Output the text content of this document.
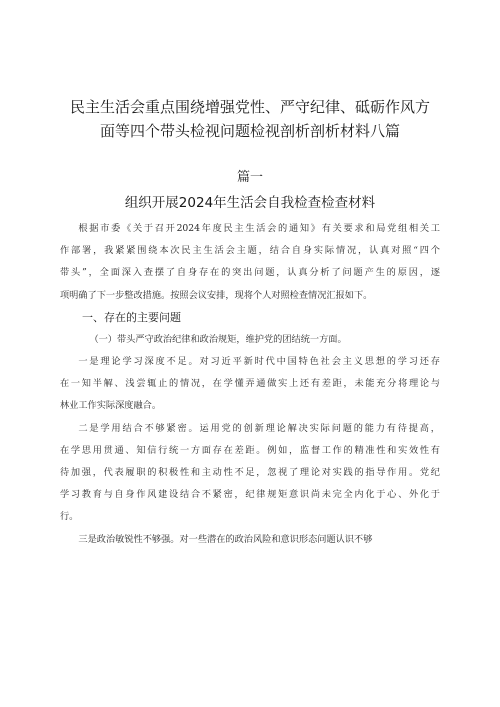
民主生活会重点围绕增强党性、严守纪律、砥砺作风方
面等四个带头检视问题检视剖析剖析材料八篇
篇一
组织开展2024年生活会自我检查检查材料
根据市委《关于召开2024年度民主生活会的通知》有关要求和局党组相关工
作部署，我紧紧围绕本次民主生活会主题，结合自身实际情况，认真对照“四个
带头”，全面深入查摆了自身存在的突出问题，认真分析了问题产生的原因，逐
项明确了下一步整改措施。按照会议安排，现将个人对照检查情况汇报如下。
一、存在的主要问题
（一）带头严守政治纪律和政治规矩，维护党的团结统一方面。
一是理论学习深度不足。对习近平新时代中国特色社会主义思想的学习还存
在一知半解、浅尝辄止的情况，在学懂弄通做实上还有差距，未能充分将理论与
林业工作实际深度融合。
二是学用结合不够紧密。运用党的创新理论解决实际问题的能力有待提高，
在学思用贯通、知信行统一方面存在差距。例如，监督工作的精准性和实效性有
待加强，代表履职的积极性和主动性不足，忽视了理论对实践的指导作用。党纪
学习教育与自身作风建设结合不紧密，纪律规矩意识尚未完全内化于心、外化于
行。
三是政治敏锐性不够强。对一些潜在的政治风险和意识形态问题认识不够
